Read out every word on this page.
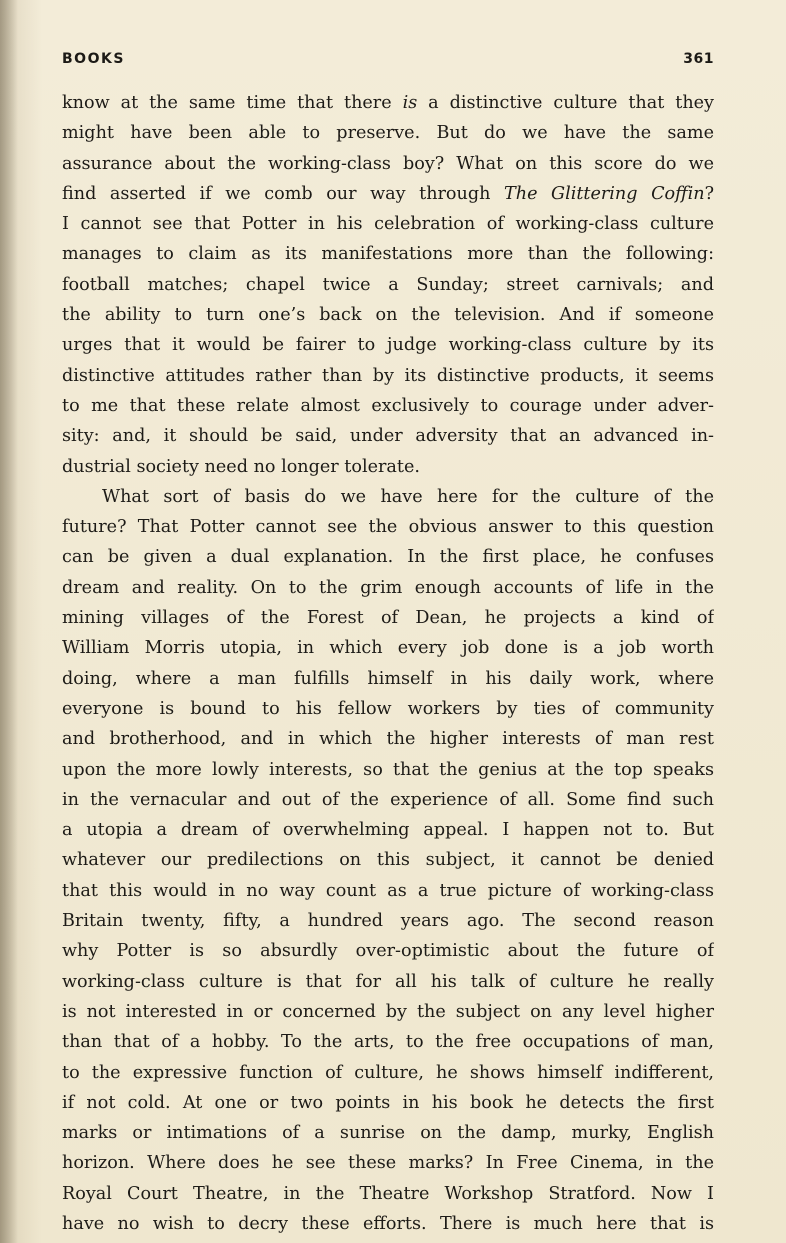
BOOKS	361
know at the same time that there is a distinctive culture that they
might have been able to preserve. But do we have the same
assurance about the working-class boy? What on this score do we
find asserted if we comb our way through The Glittering Coffin?
I cannot see that Potter in his celebration of working-class culture
manages to claim as its manifestations more than the following:
football matches; chapel twice a Sunday; street carnivals; and
the ability to turn one’s back on the television. And if someone
urges that it would be fairer to judge working-class culture by its
distinctive attitudes rather than by its distinctive products, it seems
to me that these relate almost exclusively to courage under adver-
sity: and, it should be said, under adversity that an advanced in-
dustrial society need no longer tolerate.
What sort of basis do we have here for the culture of the
future? That Potter cannot see the obvious answer to this question
can be given a dual explanation. In the first place, he confuses
dream and reality. On to the grim enough accounts of life in the
mining villages of the Forest of Dean, he projects a kind of
William Morris utopia, in which every job done is a job worth
doing, where a man fulfills himself in his daily work, where
everyone is bound to his fellow workers by ties of community
and brotherhood, and in which the higher interests of man rest
upon the more lowly interests, so that the genius at the top speaks
in the vernacular and out of the experience of all. Some find such
a utopia a dream of overwhelming appeal. I happen not to. But
whatever our predilections on this subject, it cannot be denied
that this would in no way count as a true picture of working-class
Britain twenty, fifty, a hundred years ago. The second reason
why Potter is so absurdly over-optimistic about the future of
working-class culture is that for all his talk of culture he really
is not interested in or concerned by the subject on any level higher
than that of a hobby. To the arts, to the free occupations of man,
to the expressive function of culture, he shows himself indifferent,
if not cold. At one or two points in his book he detects the first
marks or intimations of a sunrise on the damp, murky, English
horizon. Where does he see these marks? In Free Cinema, in the
Royal Court Theatre, in the Theatre Workshop Stratford. Now I
have no wish to decry these efforts. There is much here that is
